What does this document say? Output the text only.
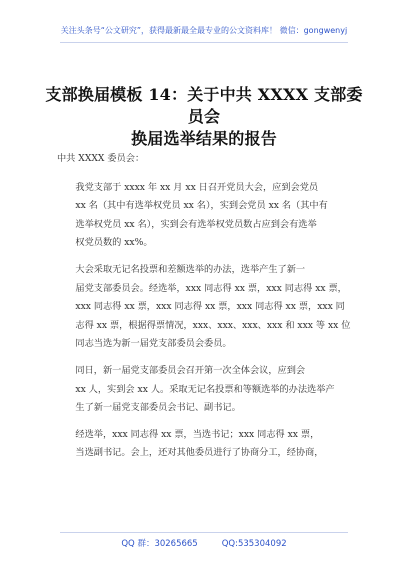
关注头条号“公文研究”，获得最新最全最专业的公文资料库！ 微信：gongwenyj
支部换届模板 14：关于中共 XXXX 支部委员会
换届选举结果的报告

中共 XXXX 委员会：

我党支部于 xxxx 年 xx 月 xx 日召开党员大会，应到会党员
xx 名（其中有选举权党员 xx 名），实到会党员 xx 名（其中有
选举权党员 xx 名），实到会有选举权党员数占应到会有选举
权党员数的 xx%。

大会采取无记名投票和差额选举的办法，选举产生了新一
届党支部委员会。经选举，xxx 同志得 xx 票，xxx 同志得 xx 票，
xxx 同志得 xx 票，xxx 同志得 xx 票，xxx 同志得 xx 票，xxx 同
志得 xx 票，根据得票情况，xxx、xxx、xxx、xxx 和 xxx 等 xx 位
同志当选为新一届党支部委员会委员。

同日，新一届党支部委员会召开第一次全体会议，应到会
xx 人，实到会 xx 人。采取无记名投票和等额选举的办法选举产
生了新一届党支部委员会书记、副书记。

经选举，xxx 同志得 xx 票，当选书记；xxx 同志得 xx 票，
当选副书记。会上，还对其他委员进行了协商分工，经协商，

QQ 群：30265665	QQ:535304092
